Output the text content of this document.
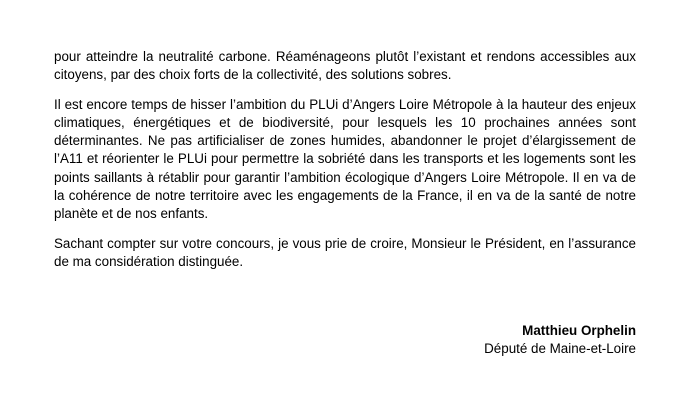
pour atteindre la neutralité carbone. Réaménageons plutôt l’existant et rendons accessibles aux citoyens, par des choix forts de la collectivité, des solutions sobres.

Il est encore temps de hisser l’ambition du PLUi d’Angers Loire Métropole à la hauteur des enjeux climatiques, énergétiques et de biodiversité, pour lesquels les 10 prochaines années sont déterminantes. Ne pas artificialiser de zones humides, abandonner le projet d’élargissement de l’A11 et réorienter le PLUi pour permettre la sobriété dans les transports et les logements sont les points saillants à rétablir pour garantir l’ambition écologique d’Angers Loire Métropole. Il en va de la cohérence de notre territoire avec les engagements de la France, il en va de la santé de notre planète et de nos enfants.

Sachant compter sur votre concours, je vous prie de croire, Monsieur le Président, en l’assurance de ma considération distinguée.

Matthieu Orphelin
Député de Maine-et-Loire
